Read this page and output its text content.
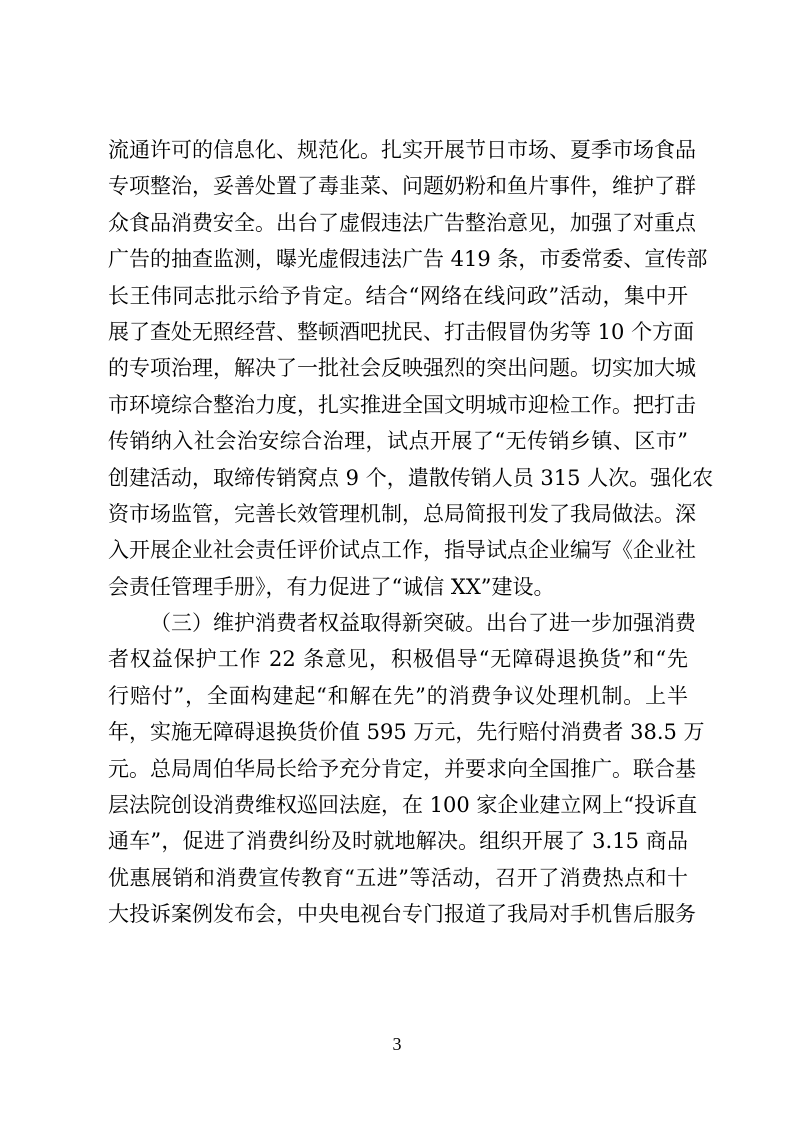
流通许可的信息化、规范化。扎实开展节日市场、夏季市场食品
专项整治，妥善处置了毒韭菜、问题奶粉和鱼片事件，维护了群
众食品消费安全。出台了虚假违法广告整治意见，加强了对重点
广告的抽查监测，曝光虚假违法广告 419 条，市委常委、宣传部
长王伟同志批示给予肯定。结合“网络在线问政”活动，集中开
展了查处无照经营、整顿酒吧扰民、打击假冒伪劣等 10 个方面
的专项治理，解决了一批社会反映强烈的突出问题。切实加大城
市环境综合整治力度，扎实推进全国文明城市迎检工作。把打击
传销纳入社会治安综合治理，试点开展了“无传销乡镇、区市”
创建活动，取缔传销窝点 9 个，遣散传销人员 315 人次。强化农
资市场监管，完善长效管理机制，总局简报刊发了我局做法。深
入开展企业社会责任评价试点工作，指导试点企业编写《企业社
会责任管理手册》，有力促进了“诚信 XX”建设。
（三）维护消费者权益取得新突破。出台了进一步加强消费
者权益保护工作 22 条意见，积极倡导“无障碍退换货”和“先
行赔付”，全面构建起“和解在先”的消费争议处理机制。上半
年，实施无障碍退换货价值 595 万元，先行赔付消费者 38.5 万
元。总局周伯华局长给予充分肯定，并要求向全国推广。联合基
层法院创设消费维权巡回法庭，在 100 家企业建立网上“投诉直
通车”，促进了消费纠纷及时就地解决。组织开展了 3.15 商品
优惠展销和消费宣传教育“五进”等活动，召开了消费热点和十
大投诉案例发布会，中央电视台专门报道了我局对手机售后服务
3
